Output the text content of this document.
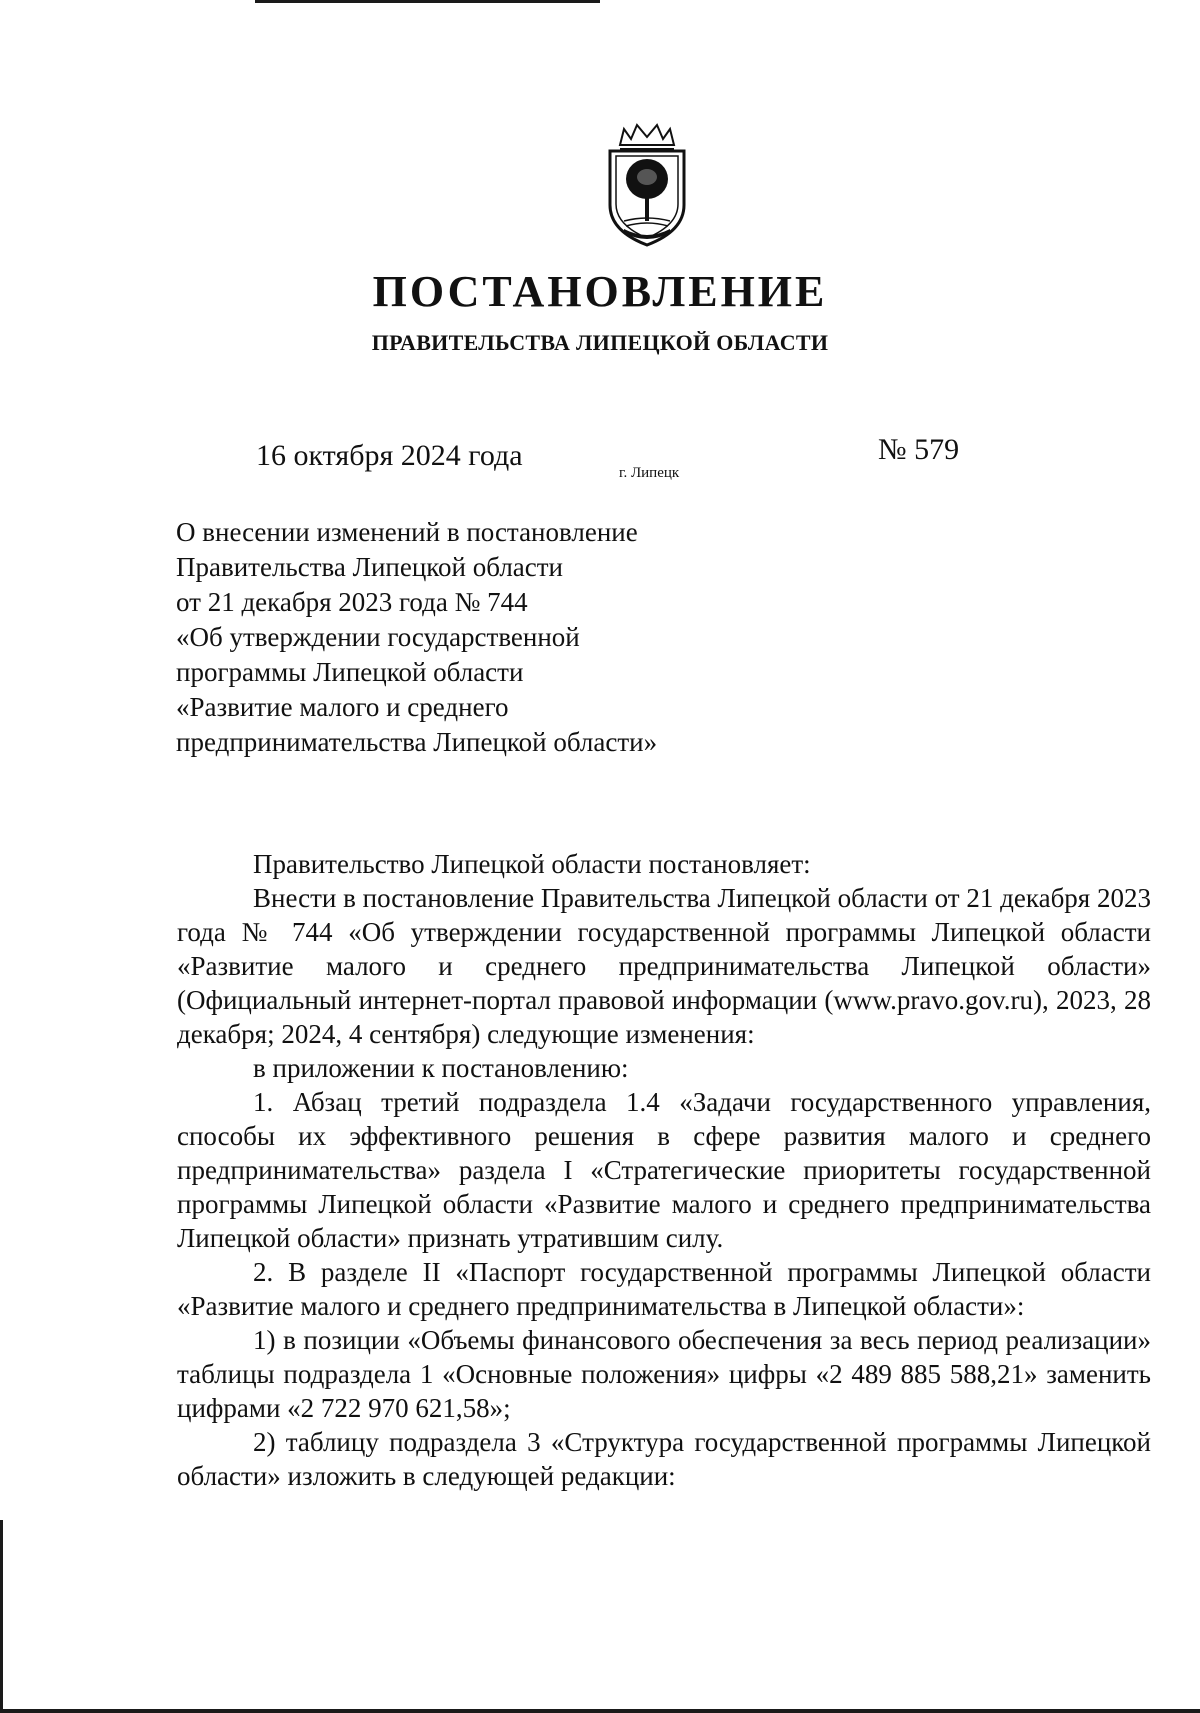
ПОСТАНОВЛЕНИЕ
ПРАВИТЕЛЬСТВА ЛИПЕЦКОЙ ОБЛАСТИ
16 октября 2024 года
г. Липецк
№ 579
О внесении изменений в постановление
Правительства Липецкой области
от 21 декабря 2023 года № 744
«Об утверждении государственной
программы Липецкой области
«Развитие малого и среднего
предпринимательства Липецкой области»

Правительство Липецкой области постановляет:

Внести в постановление Правительства Липецкой области от 21 декабря 2023 года № 744 «Об утверждении государственной программы Липецкой области «Развитие малого и среднего предпринимательства Липецкой области» (Официальный интернет-портал правовой информации (www.pravo.gov.ru), 2023, 28 декабря; 2024, 4 сентября) следующие изменения:

в приложении к постановлению:

1. Абзац третий подраздела 1.4 «Задачи государственного управления, способы их эффективного решения в сфере развития малого и среднего предпринимательства» раздела I «Стратегические приоритеты государственной программы Липецкой области «Развитие малого и среднего предпринимательства Липецкой области» признать утратившим силу.

2. В разделе II «Паспорт государственной программы Липецкой области «Развитие малого и среднего предпринимательства в Липецкой области»:

1) в позиции «Объемы финансового обеспечения за весь период реализации» таблицы подраздела 1 «Основные положения» цифры «2 489 885 588,21» заменить цифрами «2 722 970 621,58»;

2) таблицу подраздела 3 «Структура государственной программы Липецкой области» изложить в следующей редакции:
